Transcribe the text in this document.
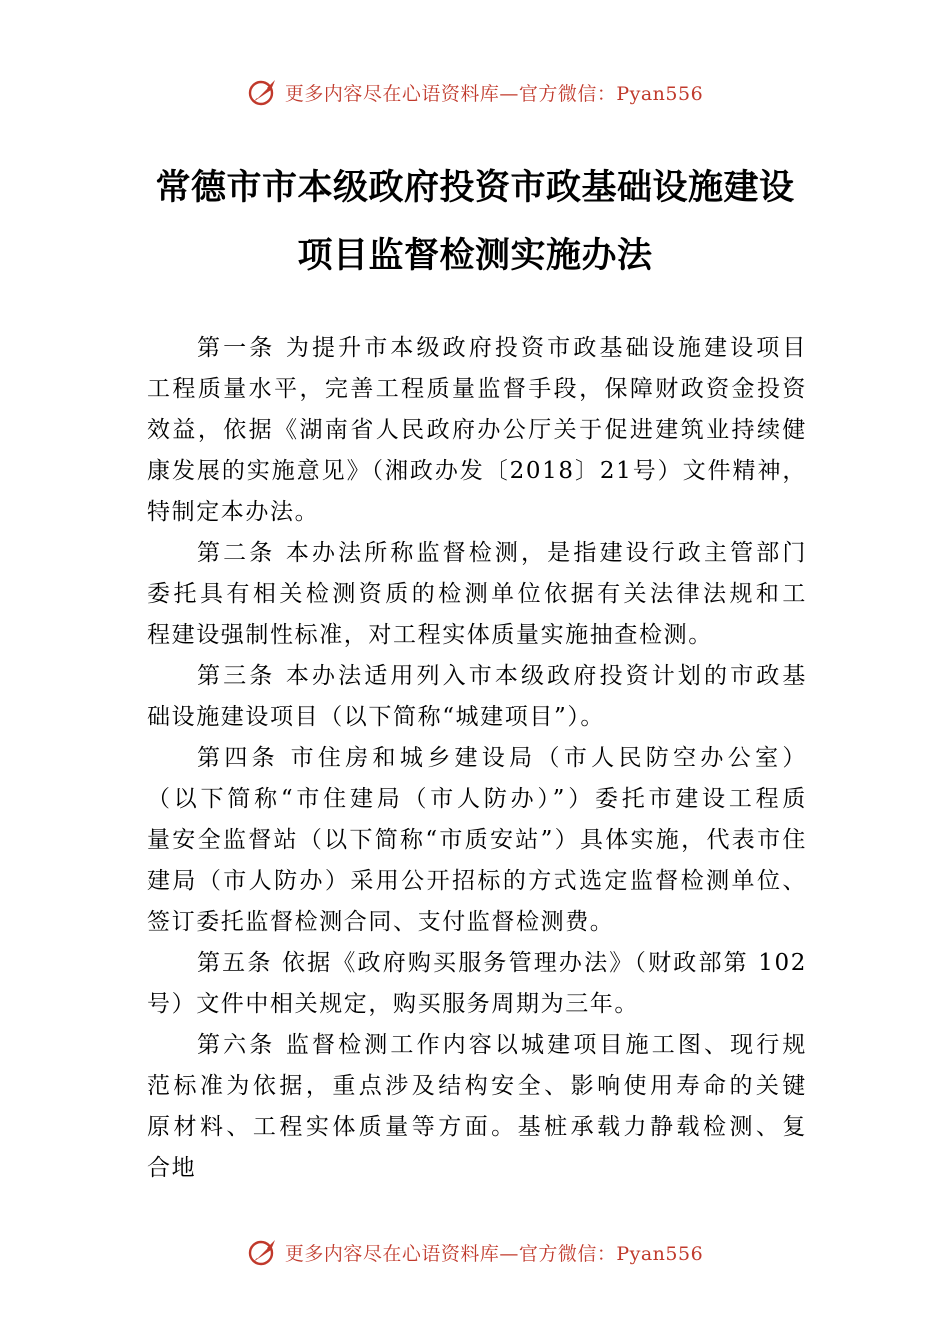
更多内容尽在心语资料库—官方微信：Pyan556
常德市市本级政府投资市政基础设施建设
项目监督检测实施办法
第一条 为提升市本级政府投资市政基础设施建设项目
工程质量水平，完善工程质量监督手段，保障财政资金投资
效益，依据《湖南省人民政府办公厅关于促进建筑业持续健
康发展的实施意见》（湘政办发〔2018〕21号）文件精神，
特制定本办法。
第二条 本办法所称监督检测，是指建设行政主管部门
委托具有相关检测资质的检测单位依据有关法律法规和工
程建设强制性标准，对工程实体质量实施抽查检测。
第三条 本办法适用列入市本级政府投资计划的市政基
础设施建设项目（以下简称“城建项目”）。
第四条 市住房和城乡建设局（市人民防空办公室）
（以下简称“市住建局（市人防办）”）委托市建设工程质
量安全监督站（以下简称“市质安站”）具体实施，代表市住
建局（市人防办）采用公开招标的方式选定监督检测单位、
签订委托监督检测合同、支付监督检测费。
第五条 依据《政府购买服务管理办法》（财政部第 102
号）文件中相关规定，购买服务周期为三年。
第六条 监督检测工作内容以城建项目施工图、现行规
范标准为依据，重点涉及结构安全、影响使用寿命的关键
原材料、工程实体质量等方面。基桩承载力静载检测、复
合地
更多内容尽在心语资料库—官方微信：Pyan556
